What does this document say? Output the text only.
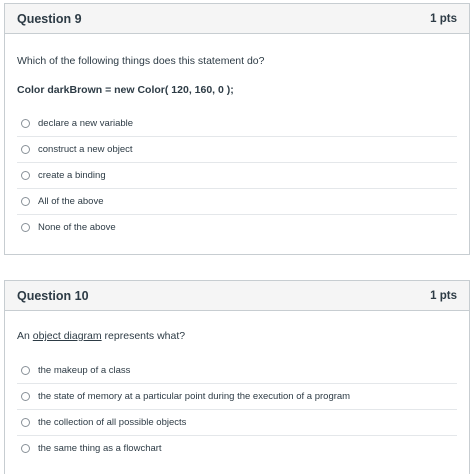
Question 9	1 pts
Which of the following things does this statement do?
Color darkBrown = new Color( 120, 160, 0 );
declare a new variable
construct a new object
create a binding
All of the above
None of the above
Question 10	1 pts
An object diagram represents what?
the makeup of a class
the state of memory at a particular point during the execution of a program
the collection of all possible objects
the same thing as a flowchart
